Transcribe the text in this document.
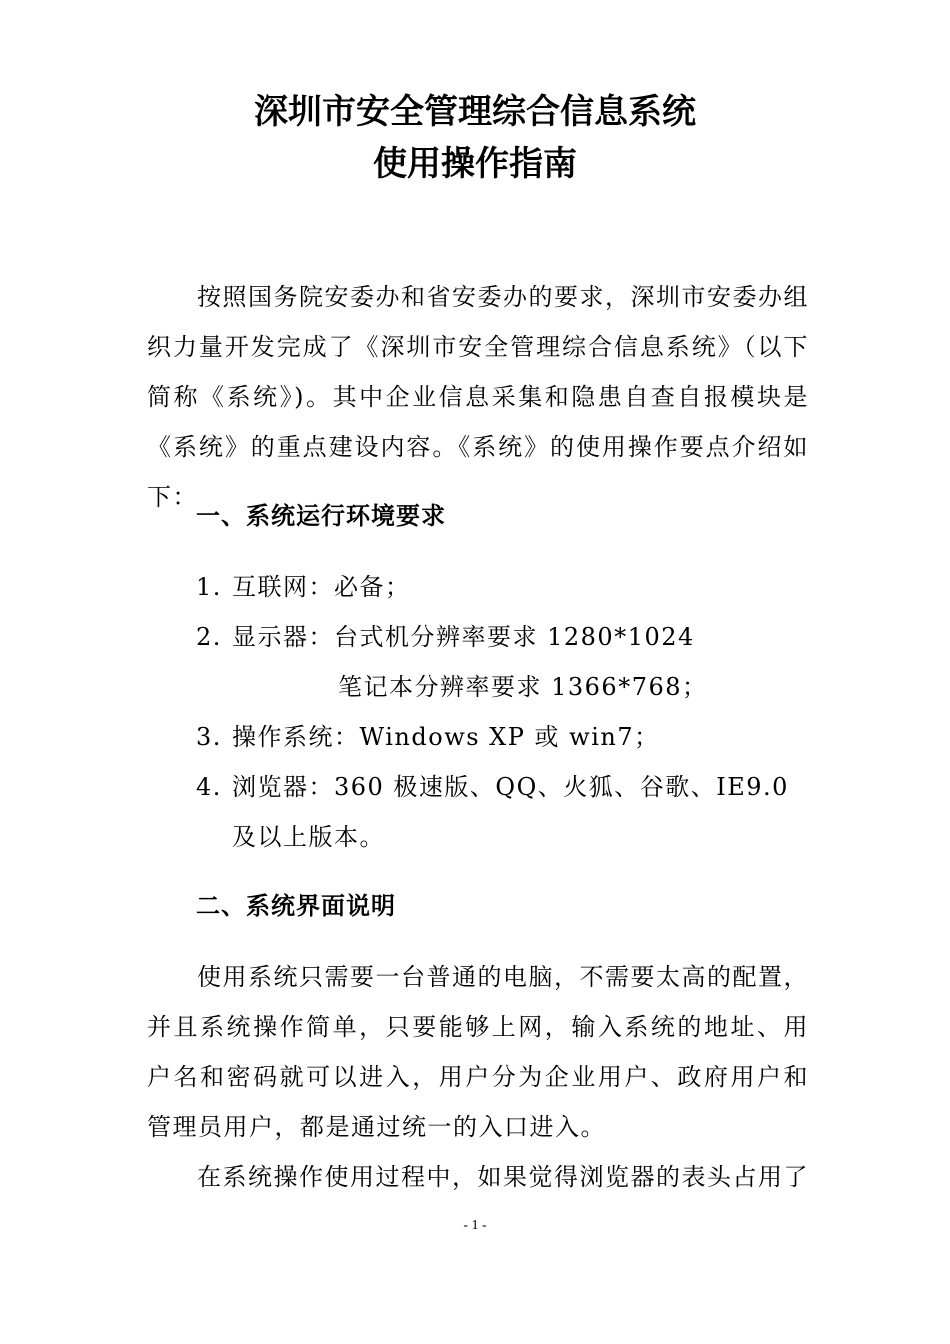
深圳市安全管理综合信息系统
使用操作指南

按照国务院安委办和省安委办的要求，深圳市安委办组织力量开发完成了《深圳市安全管理综合信息系统》（以下简称《系统》)。其中企业信息采集和隐患自查自报模块是《系统》的重点建设内容。《系统》的使用操作要点介绍如下：

一、系统运行环境要求
1. 互联网：必备；
2. 显示器：台式机分辨率要求 1280*1024
笔记本分辨率要求 1366*768；
3. 操作系统：Windows XP 或 win7；
4. 浏览器：360 极速版、QQ、火狐、谷歌、IE9.0 及以上版本。
二、系统界面说明

使用系统只需要一台普通的电脑，不需要太高的配置，并且系统操作简单，只要能够上网，输入系统的地址、用户名和密码就可以进入，用户分为企业用户、政府用户和管理员用户，都是通过统一的入口进入。

在系统操作使用过程中，如果觉得浏览器的表头占用了

- 1 -
